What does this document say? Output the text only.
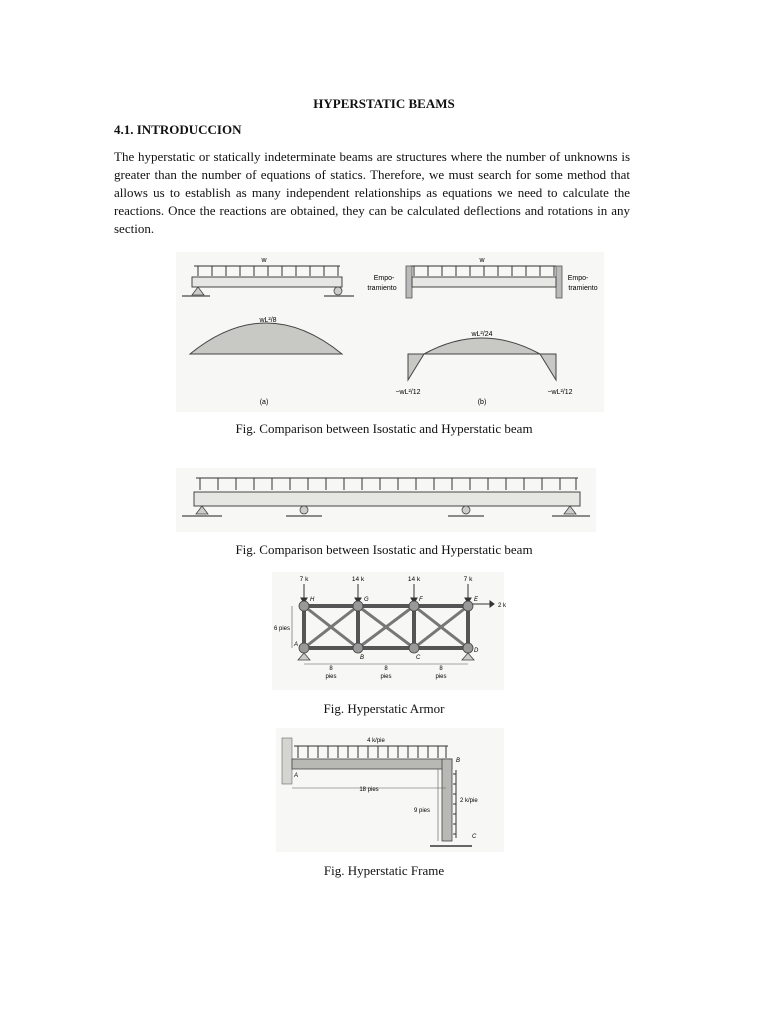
HYPERSTATIC BEAMS
4.1. INTRODUCCION
The hyperstatic or statically indeterminate beams are structures where the number of unknowns is greater than the number of equations of statics. Therefore, we must search for some method that allows us to establish as many independent relationships as equations we need to calculate the reactions. Once the reactions are obtained, they can be calculated deflections and rotations in any section.
w
wL²/8
(a)
w
Empo-
tramiento
Empo-
tramiento
wL²/24
−wL²/12	−wL²/12
(b)
Fig. Comparison between Isostatic and Hyperstatic beam
Fig. Comparison between Isostatic and Hyperstatic beam
7 k	14 k	14 k	7 k
2 k
H	G	F	E
A
B	C
D
6 pies
8
pies
8
pies
8
pies
Fig. Hyperstatic Armor
4 k/pie
A
B
C
18 pies
9 pies
2 k/pie
Fig. Hyperstatic Frame
